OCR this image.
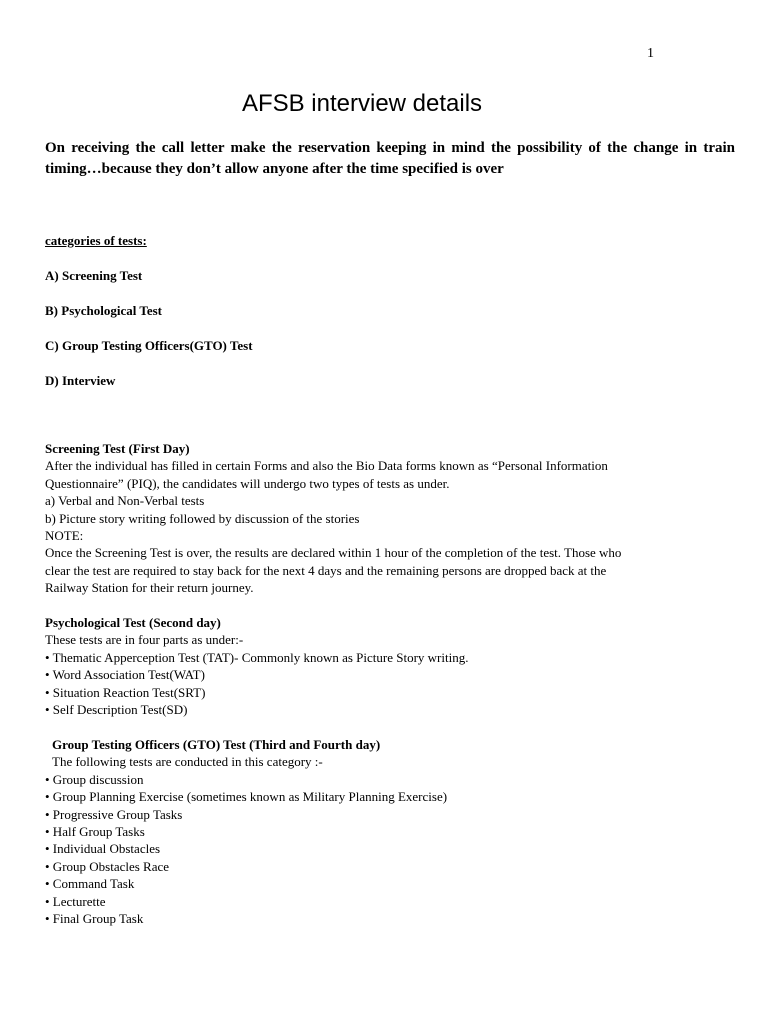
1
AFSB interview details

On receiving the call letter make the reservation keeping in mind the possibility of the change in train timing…because they don’t allow anyone after the time specified is over

categories of tests:
A) Screening Test
B) Psychological Test
C) Group Testing Officers(GTO) Test
D) Interview
Screening Test (First Day)
After the individual has filled in certain Forms and also the Bio Data forms known as “Personal Information
Questionnaire” (PIQ), the candidates will undergo two types of tests as under.
a) Verbal and Non-Verbal tests
b) Picture story writing followed by discussion of the stories
NOTE:
Once the Screening Test is over, the results are declared within 1 hour of the completion of the test. Those who
clear the test are required to stay back for the next 4 days and the remaining persons are dropped back at the
Railway Station for their return journey.
Psychological Test (Second day)
These tests are in four parts as under:-
• Thematic Apperception Test (TAT)- Commonly known as Picture Story writing.
• Word Association Test(WAT)
• Situation Reaction Test(SRT)
• Self Description Test(SD)
Group Testing Officers (GTO) Test (Third and Fourth day)
The following tests are conducted in this category :-
• Group discussion
• Group Planning Exercise (sometimes known as Military Planning Exercise)
• Progressive Group Tasks
• Half Group Tasks
• Individual Obstacles
• Group Obstacles Race
• Command Task
• Lecturette
• Final Group Task
